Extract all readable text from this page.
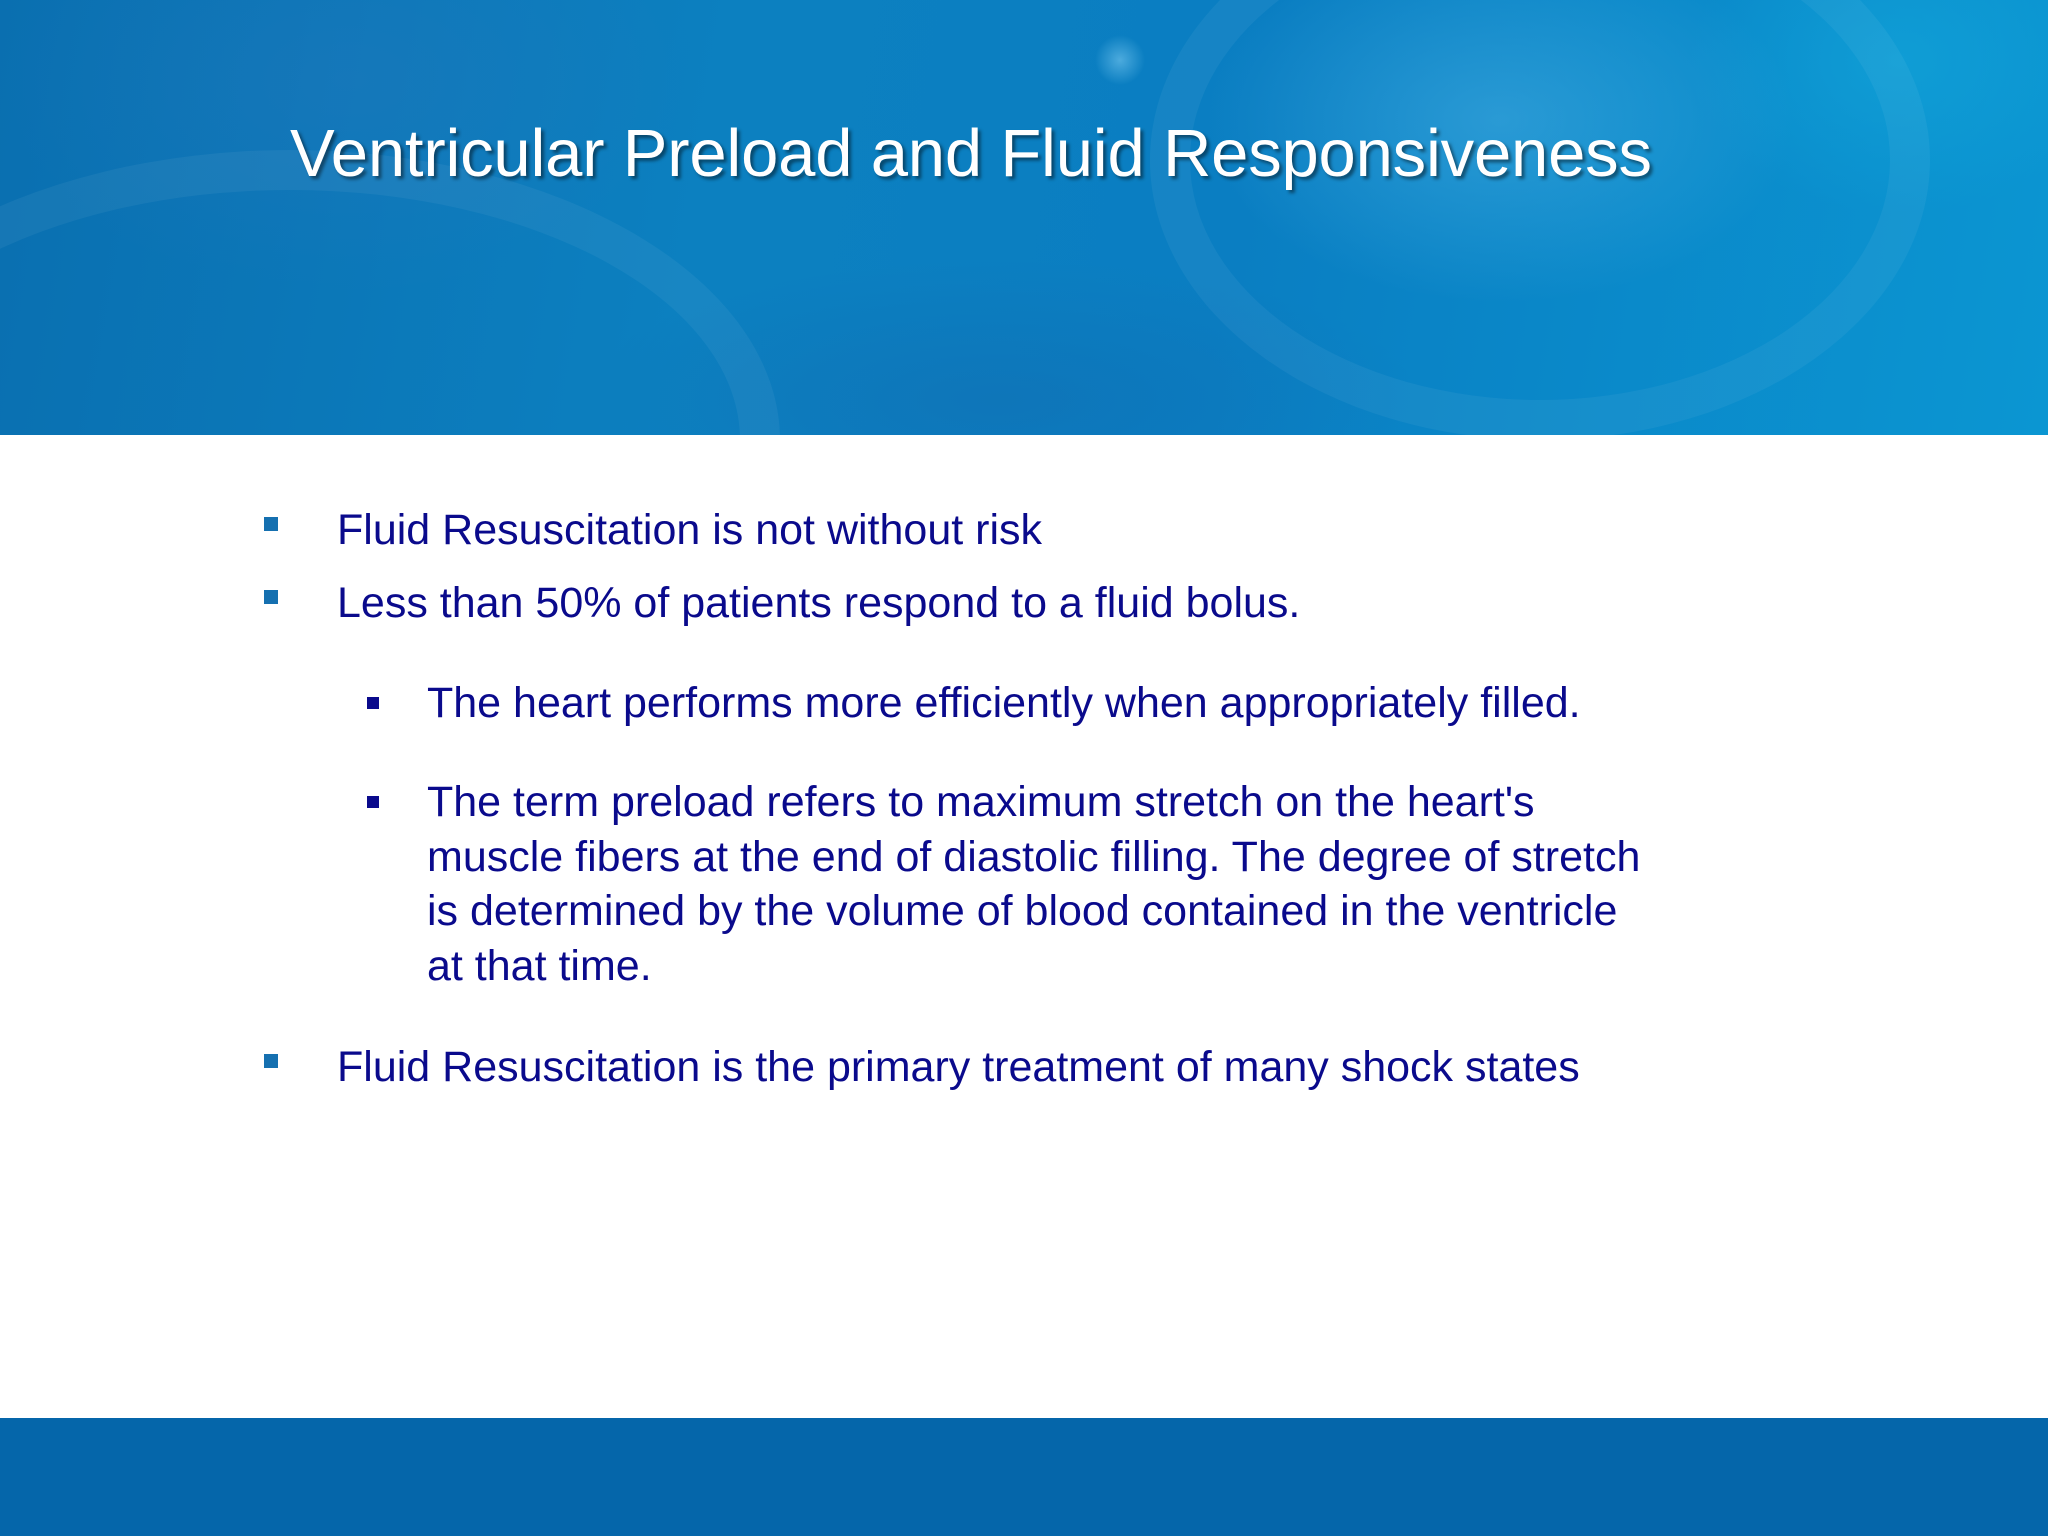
Ventricular Preload and Fluid Responsiveness
Fluid Resuscitation is not without risk
Less than 50% of patients respond to a fluid bolus.
The heart performs more efficiently when appropriately filled.
The term preload refers to maximum stretch on the heart's
muscle fibers at the end of diastolic filling. The degree of stretch
is determined by the volume of blood contained in the ventricle
at that time.
Fluid Resuscitation is the primary treatment of many shock states
